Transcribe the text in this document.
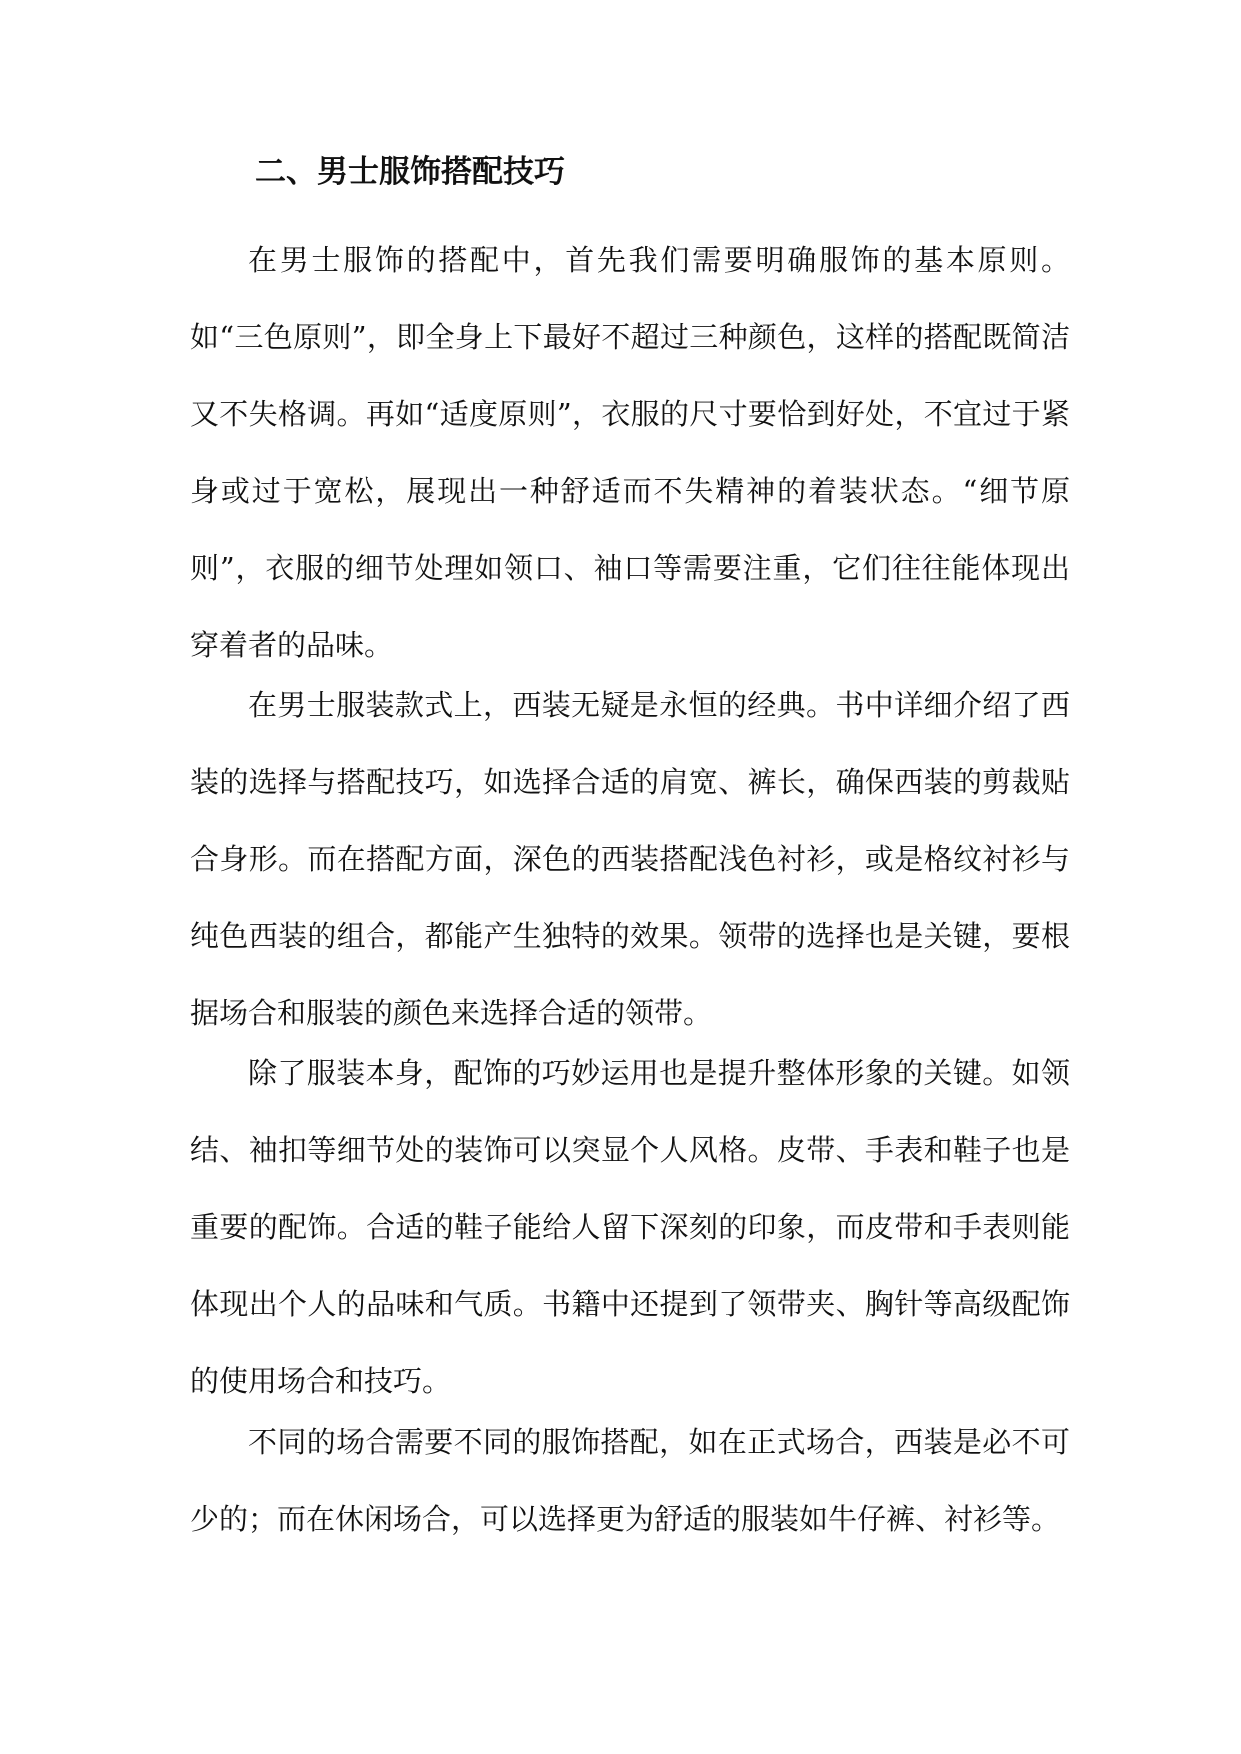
二、男士服饰搭配技巧

在男士服饰的搭配中，首先我们需要明确服饰的基本原则。如“三色原则”，即全身上下最好不超过三种颜色，这样的搭配既简洁又不失格调。再如“适度原则”，衣服的尺寸要恰到好处，不宜过于紧身或过于宽松，展现出一种舒适而不失精神的着装状态。“细节原则”，衣服的细节处理如领口、袖口等需要注重，它们往往能体现出穿着者的品味。

在男士服装款式上，西装无疑是永恒的经典。书中详细介绍了西装的选择与搭配技巧，如选择合适的肩宽、裤长，确保西装的剪裁贴合身形。而在搭配方面，深色的西装搭配浅色衬衫，或是格纹衬衫与纯色西装的组合，都能产生独特的效果。领带的选择也是关键，要根据场合和服装的颜色来选择合适的领带。

除了服装本身，配饰的巧妙运用也是提升整体形象的关键。如领结、袖扣等细节处的装饰可以突显个人风格。皮带、手表和鞋子也是重要的配饰。合适的鞋子能给人留下深刻的印象，而皮带和手表则能体现出个人的品味和气质。书籍中还提到了领带夹、胸针等高级配饰的使用场合和技巧。

不同的场合需要不同的服饰搭配，如在正式场合，西装是必不可少的；而在休闲场合，可以选择更为舒适的服装如牛仔裤、衬衫等。
